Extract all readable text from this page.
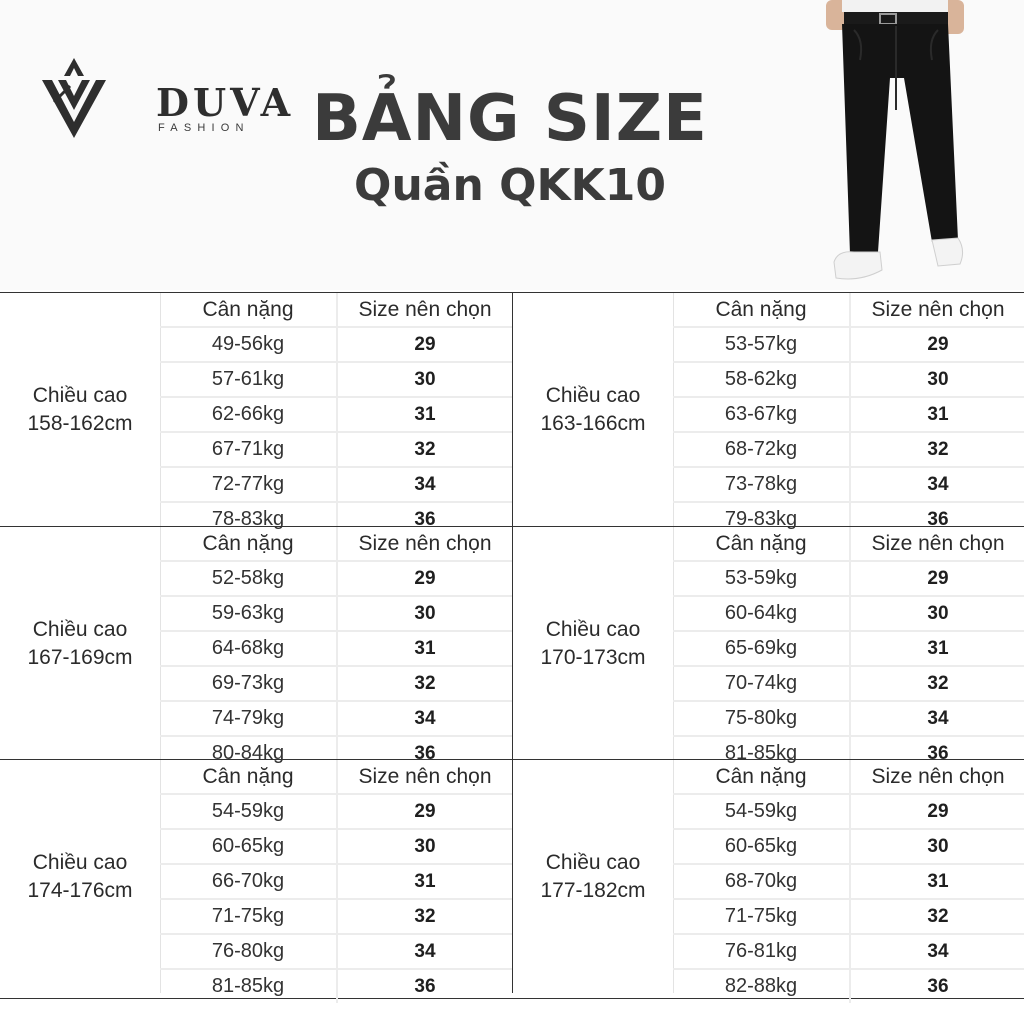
DUVA
FASHION BẢNG SIZE
Quần QKK10
Chiều cao
158-162cm
Cân nặng	Size nên chọn
49-56kg	29
57-61kg	30
62-66kg	31
67-71kg	32
72-77kg	34
78-83kg	36
Chiều cao
163-166cm
Cân nặng	Size nên chọn
53-57kg	29
58-62kg	30
63-67kg	31
68-72kg	32
73-78kg	34
79-83kg	36
Chiều cao
167-169cm
Cân nặng	Size nên chọn
52-58kg	29
59-63kg	30
64-68kg	31
69-73kg	32
74-79kg	34
80-84kg	36
Chiều cao
170-173cm
Cân nặng	Size nên chọn
53-59kg	29
60-64kg	30
65-69kg	31
70-74kg	32
75-80kg	34
81-85kg	36
Chiều cao
174-176cm
Cân nặng	Size nên chọn
54-59kg	29
60-65kg	30
66-70kg	31
71-75kg	32
76-80kg	34
81-85kg	36
Chiều cao
177-182cm
Cân nặng	Size nên chọn
54-59kg	29
60-65kg	30
68-70kg	31
71-75kg	32
76-81kg	34
82-88kg	36
